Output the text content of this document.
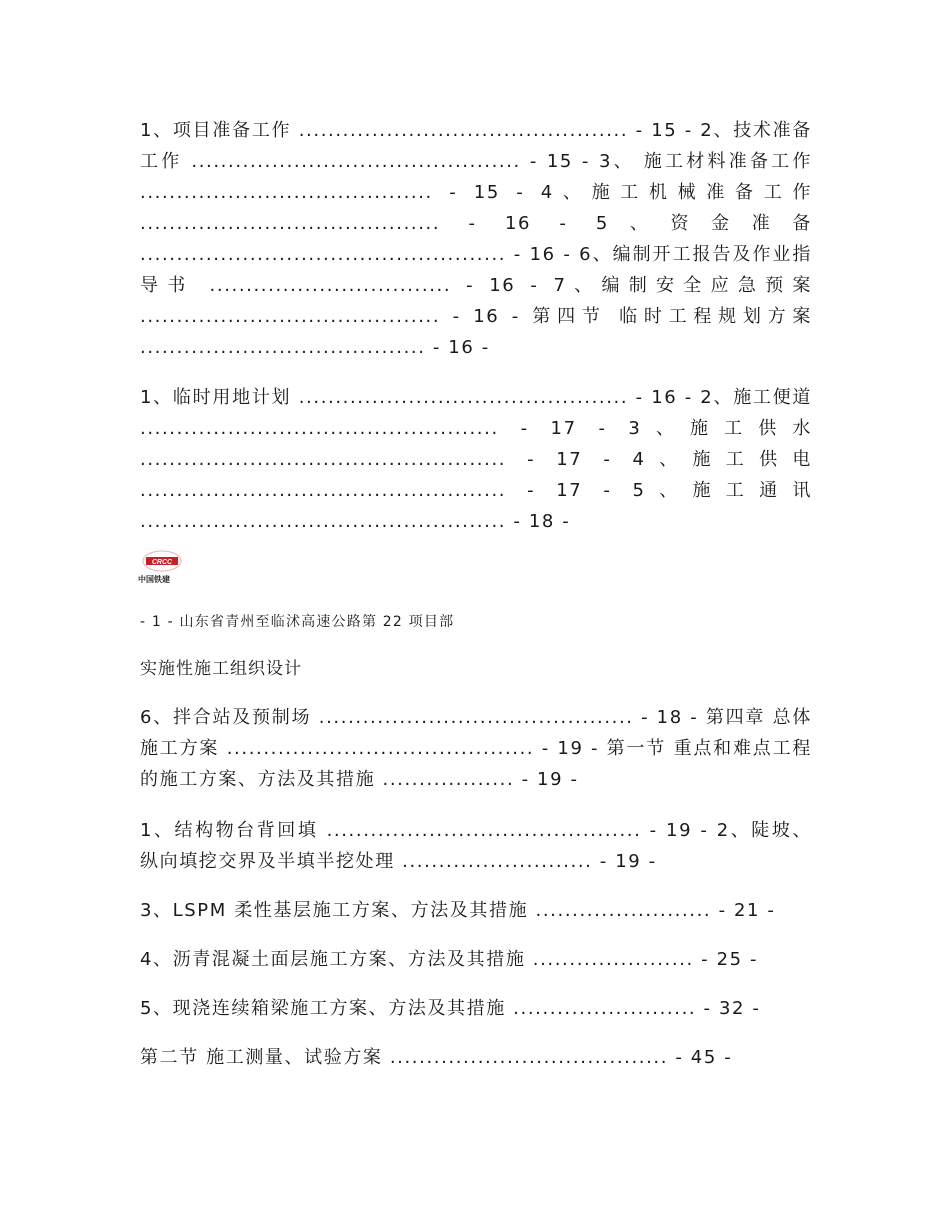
1、项目准备工作 ............................................. - 15 - 2、技术准备工作 ............................................. - 15 - 3、 施工材料准备工作 ........................................ - 15 - 4、施工机械准备工作 ......................................... - 16 - 5、资金准备 .................................................. - 16 - 6、编制开工报告及作业指导书 ................................. - 16 - 7、编制安全应急预案 ......................................... - 16 - 第四节 临时工程规划方案 ....................................... - 16 -

1、临时用地计划 ............................................. - 16 - 2、施工便道 ................................................. - 17 - 3、施工供水 .................................................. - 17 - 4、施工供电 .................................................. - 17 - 5、施工通讯 .................................................. - 18 -

CRCC
中国铁建
- 1 - 山东省青州至临沭高速公路第 22 项目部
实施性施工组织设计

6、拌合站及预制场 ........................................... - 18 - 第四章 总体施工方案 .......................................... - 19 - 第一节 重点和难点工程的施工方案、方法及其措施 .................. - 19 -

1、结构物台背回填 ........................................... - 19 - 2、陡坡、纵向填挖交界及半填半挖处理 .......................... - 19 -

3、LSPM 柔性基层施工方案、方法及其措施 ........................ - 21 -

4、沥青混凝土面层施工方案、方法及其措施 ...................... - 25 -

5、现浇连续箱梁施工方案、方法及其措施 ......................... - 32 -

第二节 施工测量、试验方案 ...................................... - 45 -
